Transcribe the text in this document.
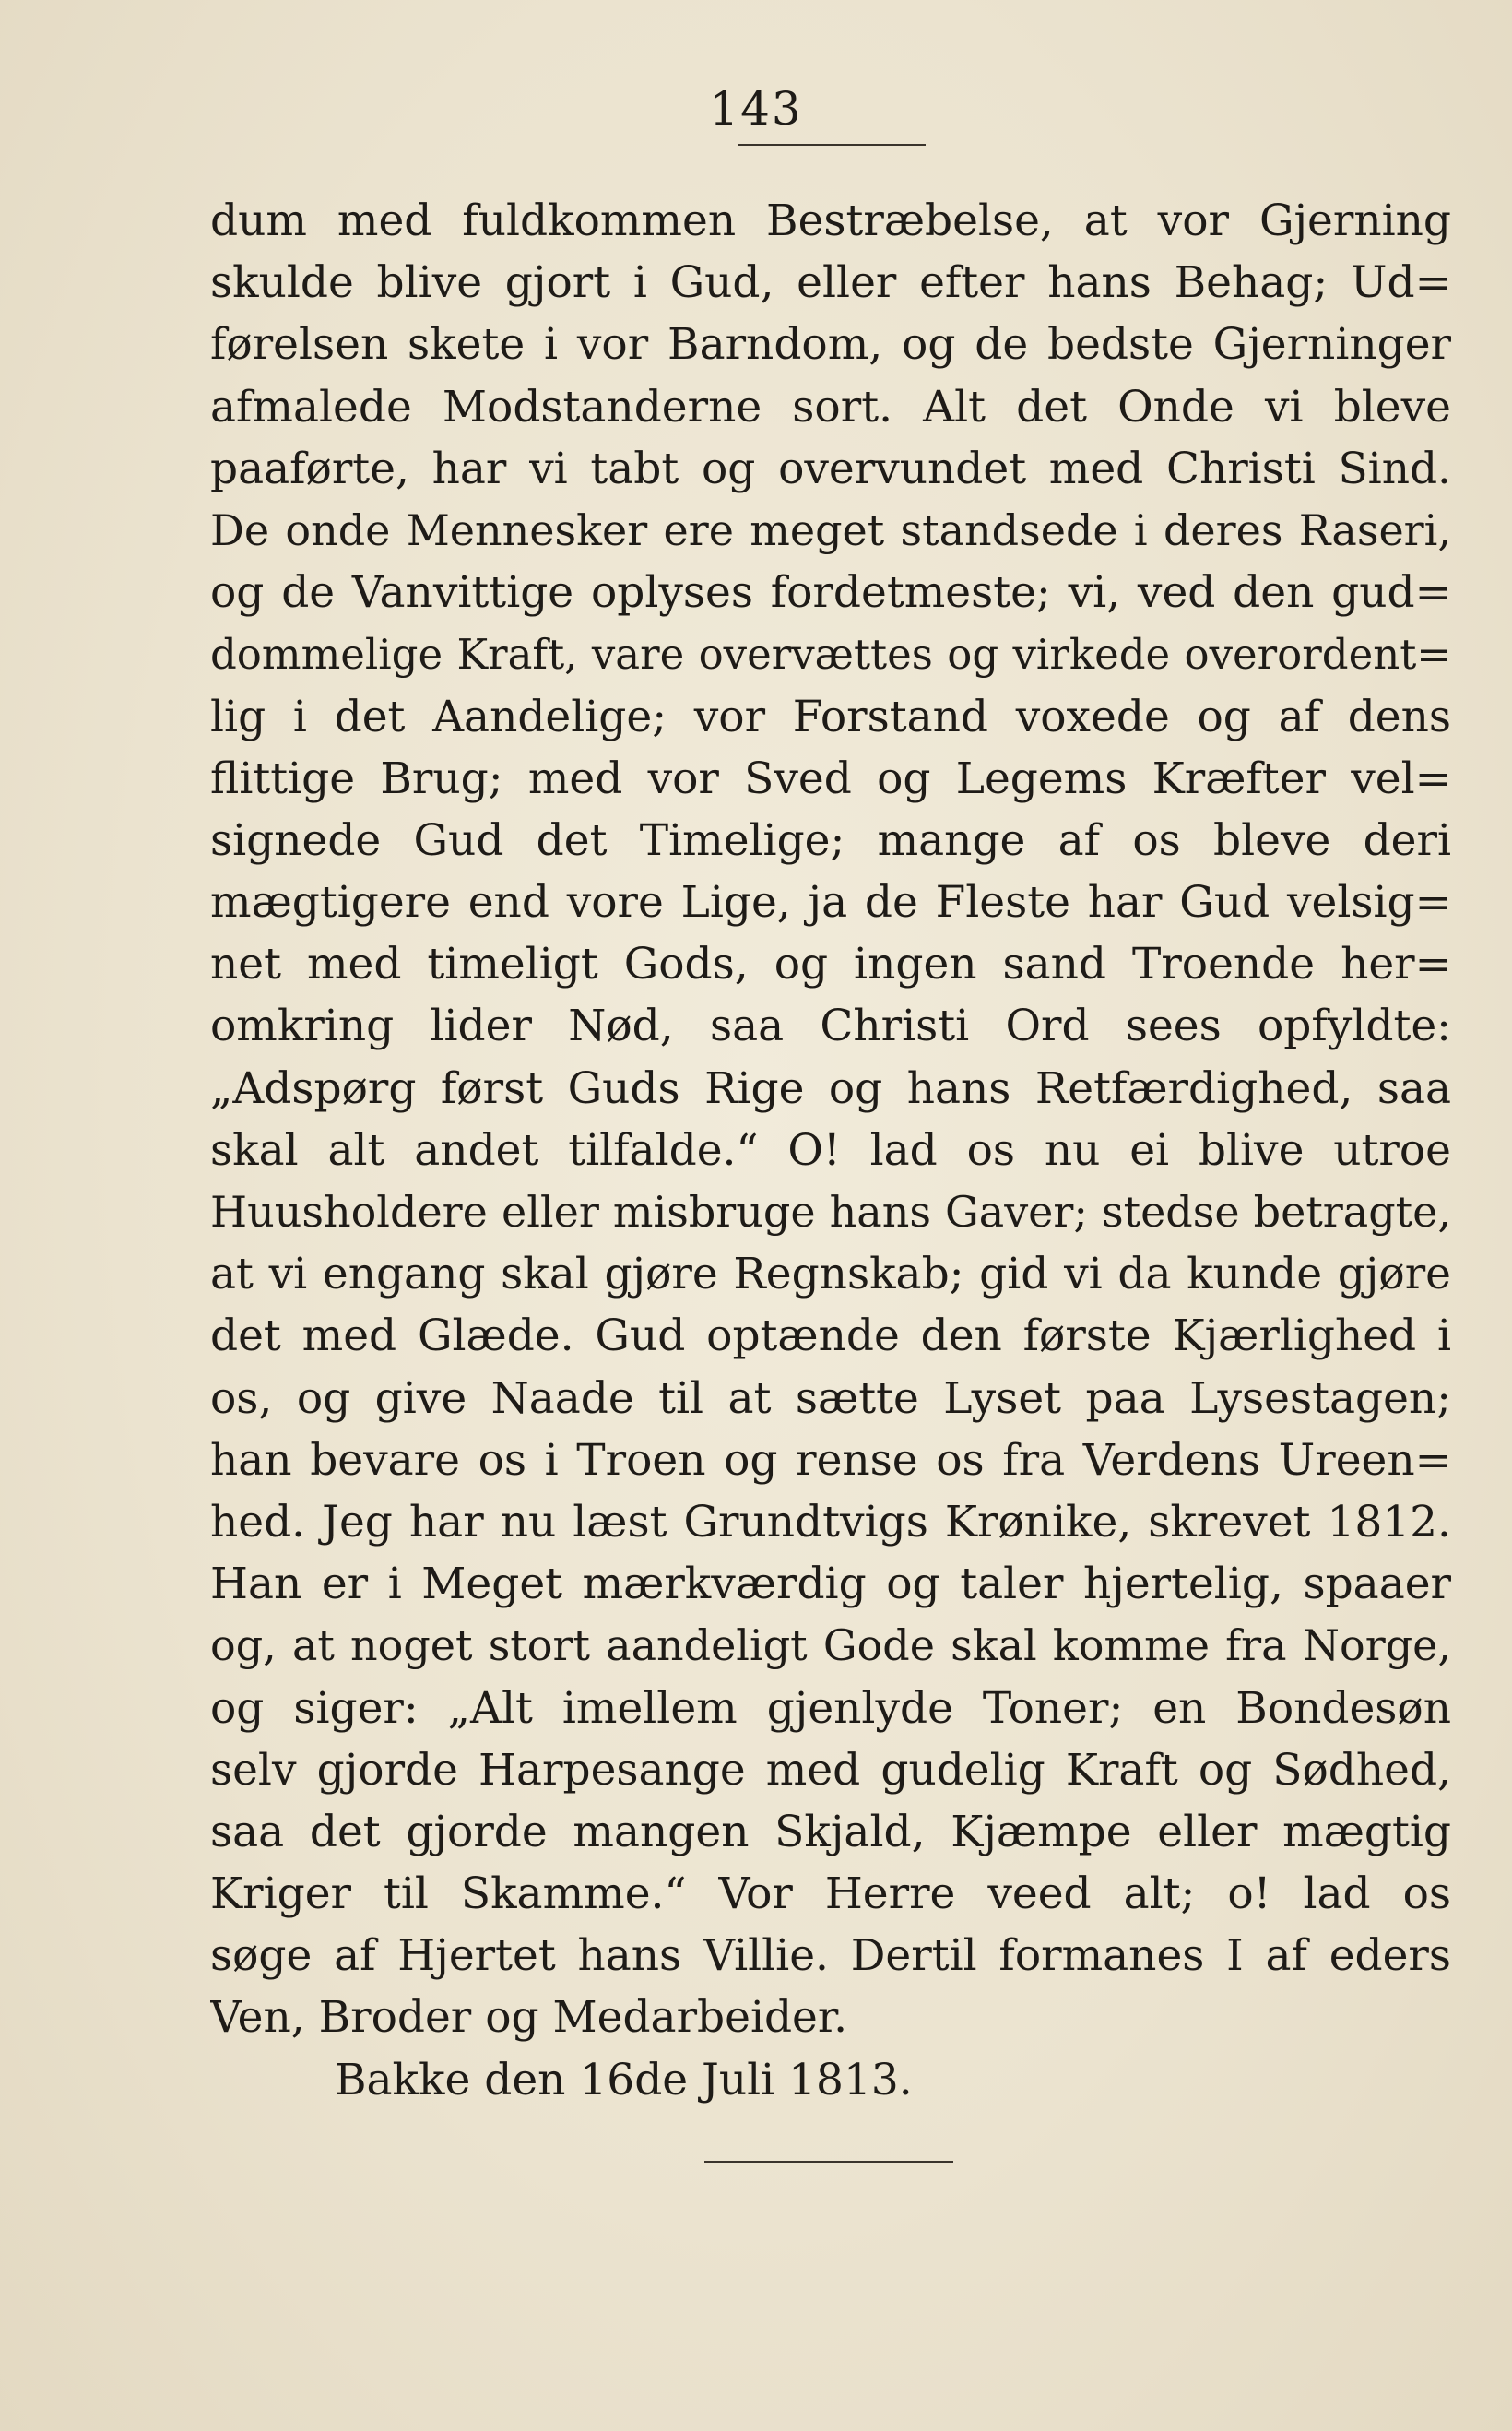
143
dum med fuldkommen Bestræbelse, at vor Gjerning
skulde blive gjort i Gud, eller efter hans Behag; Ud=
førelsen skete i vor Barndom, og de bedste Gjerninger
afmalede Modstanderne sort. Alt det Onde vi bleve
paaførte, har vi tabt og overvundet med Christi Sind.
De onde Mennesker ere meget standsede i deres Raseri,
og de Vanvittige oplyses fordetmeste; vi, ved den gud=
dommelige Kraft, vare overvættes og virkede overordent=
lig i det Aandelige; vor Forstand voxede og af dens
flittige Brug; med vor Sved og Legems Kræfter vel=
signede Gud det Timelige; mange af os bleve deri
mægtigere end vore Lige, ja de Fleste har Gud velsig=
net med timeligt Gods, og ingen sand Troende her=
omkring lider Nød, saa Christi Ord sees opfyldte:
„Adspørg først Guds Rige og hans Retfærdighed, saa
skal alt andet tilfalde.“ O! lad os nu ei blive utroe
Huusholdere eller misbruge hans Gaver; stedse betragte,
at vi engang skal gjøre Regnskab; gid vi da kunde gjøre
det med Glæde. Gud optænde den første Kjærlighed i
os, og give Naade til at sætte Lyset paa Lysestagen;
han bevare os i Troen og rense os fra Verdens Ureen=
hed. Jeg har nu læst Grundtvigs Krønike, skrevet 1812.
Han er i Meget mærkværdig og taler hjertelig, spaaer
og, at noget stort aandeligt Gode skal komme fra Norge,
og siger: „Alt imellem gjenlyde Toner; en Bondesøn
selv gjorde Harpesange med gudelig Kraft og Sødhed,
saa det gjorde mangen Skjald, Kjæmpe eller mægtig
Kriger til Skamme.“ Vor Herre veed alt; o! lad os
søge af Hjertet hans Villie. Dertil formanes I af eders
Ven, Broder og Medarbeider.
Bakke den 16de Juli 1813.
